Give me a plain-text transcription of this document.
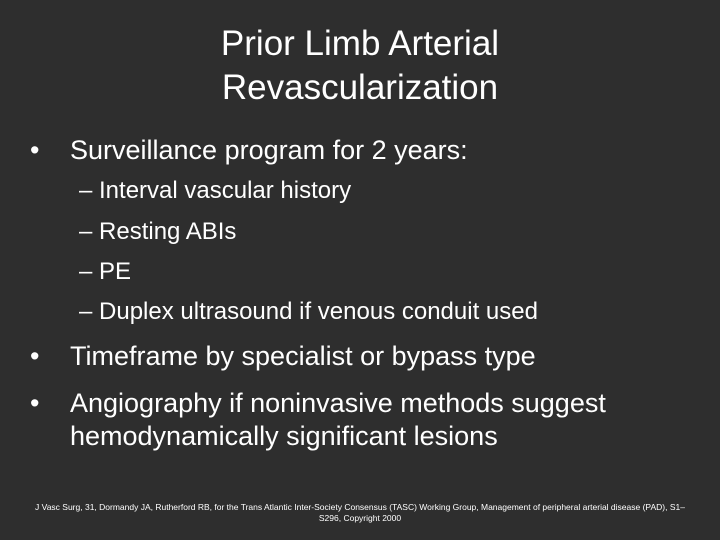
Prior Limb Arterial
Revascularization
• Surveillance program for 2 years:
– Interval vascular history
– Resting ABIs
– PE
– Duplex ultrasound if venous conduit used
• Timeframe by specialist or bypass type
• Angiography if noninvasive methods suggest hemodynamically significant lesions
J Vasc Surg, 31, Dormandy JA, Rutherford RB, for the Trans Atlantic Inter-Society Consensus (TASC) Working Group, Management of peripheral arterial disease (PAD), S1–S296, Copyright 2000
